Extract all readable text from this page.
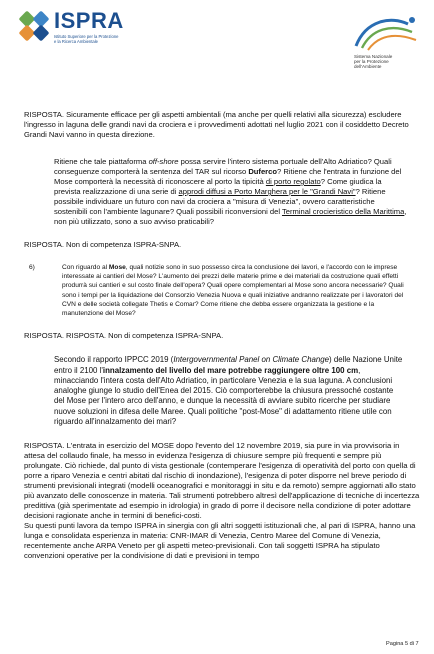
ISPRA
Istituto Superiore per la Protezione
e la Ricerca Ambientale
Sistema Nazionale
per la Protezione
dell'Ambiente

RISPOSTA. Sicuramente efficace per gli aspetti ambientali (ma anche per quelli relativi alla sicurezza) escludere l'ingresso in laguna delle grandi navi da crociera e i provvedimenti adottati nel luglio 2021 con il cosiddetto Decreto Grandi Navi vanno in questa direzione.

Ritiene che tale piattaforma off-shore possa servire l'intero sistema portuale dell'Alto Adriatico? Quali conseguenze comporterà la sentenza del TAR sul ricorso Duferco? Ritiene che l'entrata in funzione del Mose comporterà la necessità di riconoscere al porto la tipicità di porto regolato? Come giudica la prevista realizzazione di una serie di approdi diffusi a Porto Marghera per le "Grandi Navi"? Ritiene possibile individuare un futuro con navi da crociera a "misura di Venezia", ovvero caratteristiche sostenibili con l'ambiente lagunare? Quali possibili riconversioni del Terminal crocieristico della Marittima, non più utilizzato, sono a suo avviso praticabili?

RISPOSTA. Non di competenza ISPRA-SNPA.

6)	Con riguardo al Mose, quali notizie sono in suo possesso circa la conclusione dei lavori, e l'accordo con le imprese interessate ai cantieri del Mose? L'aumento dei prezzi delle materie prime e dei materiali da costruzione quali effetti produrrà sui cantieri e sul costo finale dell'opera? Quali opere complementari al Mose sono ancora necessarie? Quali sono i tempi per la liquidazione del Consorzio Venezia Nuova e quali iniziative andranno realizzate per i lavoratori del CVN e delle società collegate Thetis e Comar? Come ritiene che debba essere organizzata la gestione e la manutenzione del Mose?

RISPOSTA. RISPOSTA. Non di competenza ISPRA-SNPA.

Secondo il rapporto IPPCC 2019 (Intergovernmental Panel on Climate Change) delle Nazione Unite entro il 2100 l'innalzamento del livello del mare potrebbe raggiungere oltre 100 cm, minacciando l'intera costa dell'Alto Adriatico, in particolare Venezia e la sua laguna. A conclusioni analoghe giunge lo studio dell'Enea del 2015. Ciò comporterebbe la chiusura pressoché costante del Mose per l'intero arco dell'anno, e dunque la necessità di avviare subito ricerche per studiare nuove soluzioni in difesa delle Maree. Quali politiche "post-Mose" di adattamento ritiene utile con riguardo all'innalzamento dei mari?

RISPOSTA. L'entrata in esercizio del MOSE dopo l'evento del 12 novembre 2019, sia pure in via provvisoria in attesa del collaudo finale, ha messo in evidenza l'esigenza di chiusure sempre più frequenti e sempre più prolungate. Ciò richiede, dal punto di vista gestionale (contemperare l'esigenza di operatività del porto con quella di porre a riparo Venezia e centri abitati dal rischio di inondazione), l'esigenza di poter disporre nel breve periodo di strumenti previsionali integrati (modelli oceanografici e monitoraggi in situ e da remoto) sempre aggiornati allo stato più avanzato delle conoscenze in materia. Tali strumenti potrebbero altresì dell'applicazione di tecniche di incertezza predittiva (già sperimentate ad esempio in idrologia) in grado di porre il decisore nella condizione di poter adottare decisioni ragionate anche in termini di benefici-costi.

Su questi punti lavora da tempo ISPRA in sinergia con gli altri soggetti istituzionali che, al pari di ISPRA, hanno una lunga e consolidata esperienza in materia: CNR-IMAR di Venezia, Centro Maree del Comune di Venezia, recentemente anche ARPA Veneto per gli aspetti meteo-previsionali. Con tali soggetti ISPRA ha stipulato convenzioni operative per la condivisione di dati e previsioni in tempo

Pagina 5 di 7
